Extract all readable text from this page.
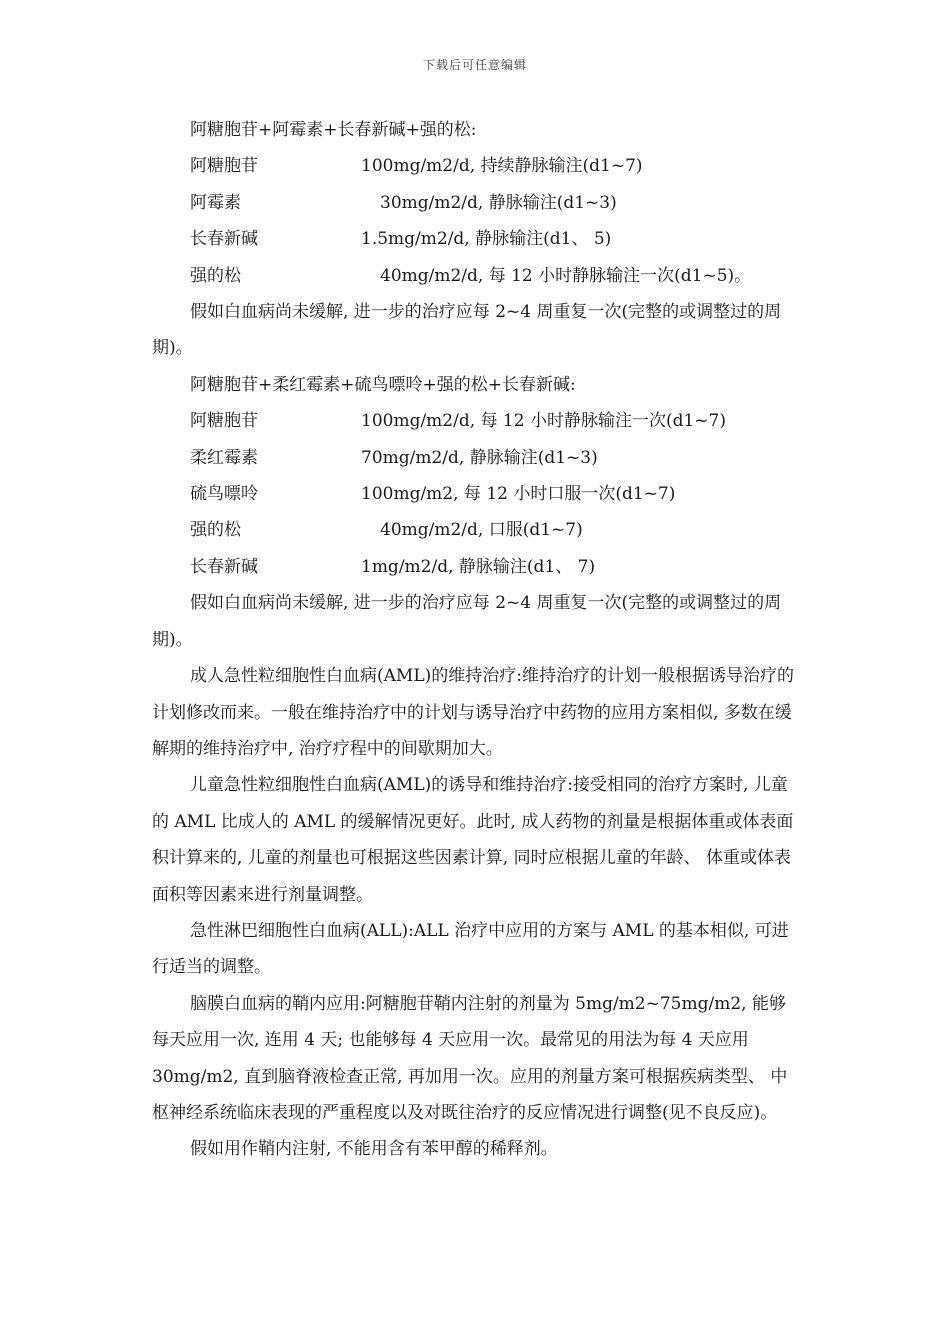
下载后可任意编辑

阿糖胞苷+阿霉素+长春新碱+强的松:

阿糖胞苷	100mg/m2/d, 持续静脉输注(d1~7)
阿霉素	30mg/m2/d, 静脉输注(d1~3)
长春新碱	1.5mg/m2/d, 静脉输注(d1、 5)
强的松	40mg/m2/d, 每 12 小时静脉输注一次(d1~5)。

假如白血病尚未缓解, 进一步的治疗应每 2~4 周重复一次(完整的或调整过的周期)。

阿糖胞苷+柔红霉素+硫鸟嘌呤+强的松+长春新碱:

阿糖胞苷	100mg/m2/d, 每 12 小时静脉输注一次(d1~7)
柔红霉素	70mg/m2/d, 静脉输注(d1~3)
硫鸟嘌呤	100mg/m2, 每 12 小时口服一次(d1~7)
强的松	40mg/m2/d, 口服(d1~7)
长春新碱	1mg/m2/d, 静脉输注(d1、 7)

假如白血病尚未缓解, 进一步的治疗应每 2~4 周重复一次(完整的或调整过的周期)。

成人急性粒细胞性白血病(AML)的维持治疗:维持治疗的计划一般根据诱导治疗的计划修改而来。一般在维持治疗中的计划与诱导治疗中药物的应用方案相似, 多数在缓解期的维持治疗中, 治疗疗程中的间歇期加大。

儿童急性粒细胞性白血病(AML)的诱导和维持治疗:接受相同的治疗方案时, 儿童的 AML 比成人的 AML 的缓解情况更好。此时, 成人药物的剂量是根据体重或体表面积计算来的, 儿童的剂量也可根据这些因素计算, 同时应根据儿童的年龄、 体重或体表面积等因素来进行剂量调整。

急性淋巴细胞性白血病(ALL):ALL 治疗中应用的方案与 AML 的基本相似, 可进行适当的调整。

脑膜白血病的鞘内应用:阿糖胞苷鞘内注射的剂量为 5mg/m2~75mg/m2, 能够每天应用一次, 连用 4 天; 也能够每 4 天应用一次。最常见的用法为每 4 天应用 30mg/m2, 直到脑脊液检查正常, 再加用一次。应用的剂量方案可根据疾病类型、 中枢神经系统临床表现的严重程度以及对既往治疗的反应情况进行调整(见不良反应)。

假如用作鞘内注射, 不能用含有苯甲醇的稀释剂。
